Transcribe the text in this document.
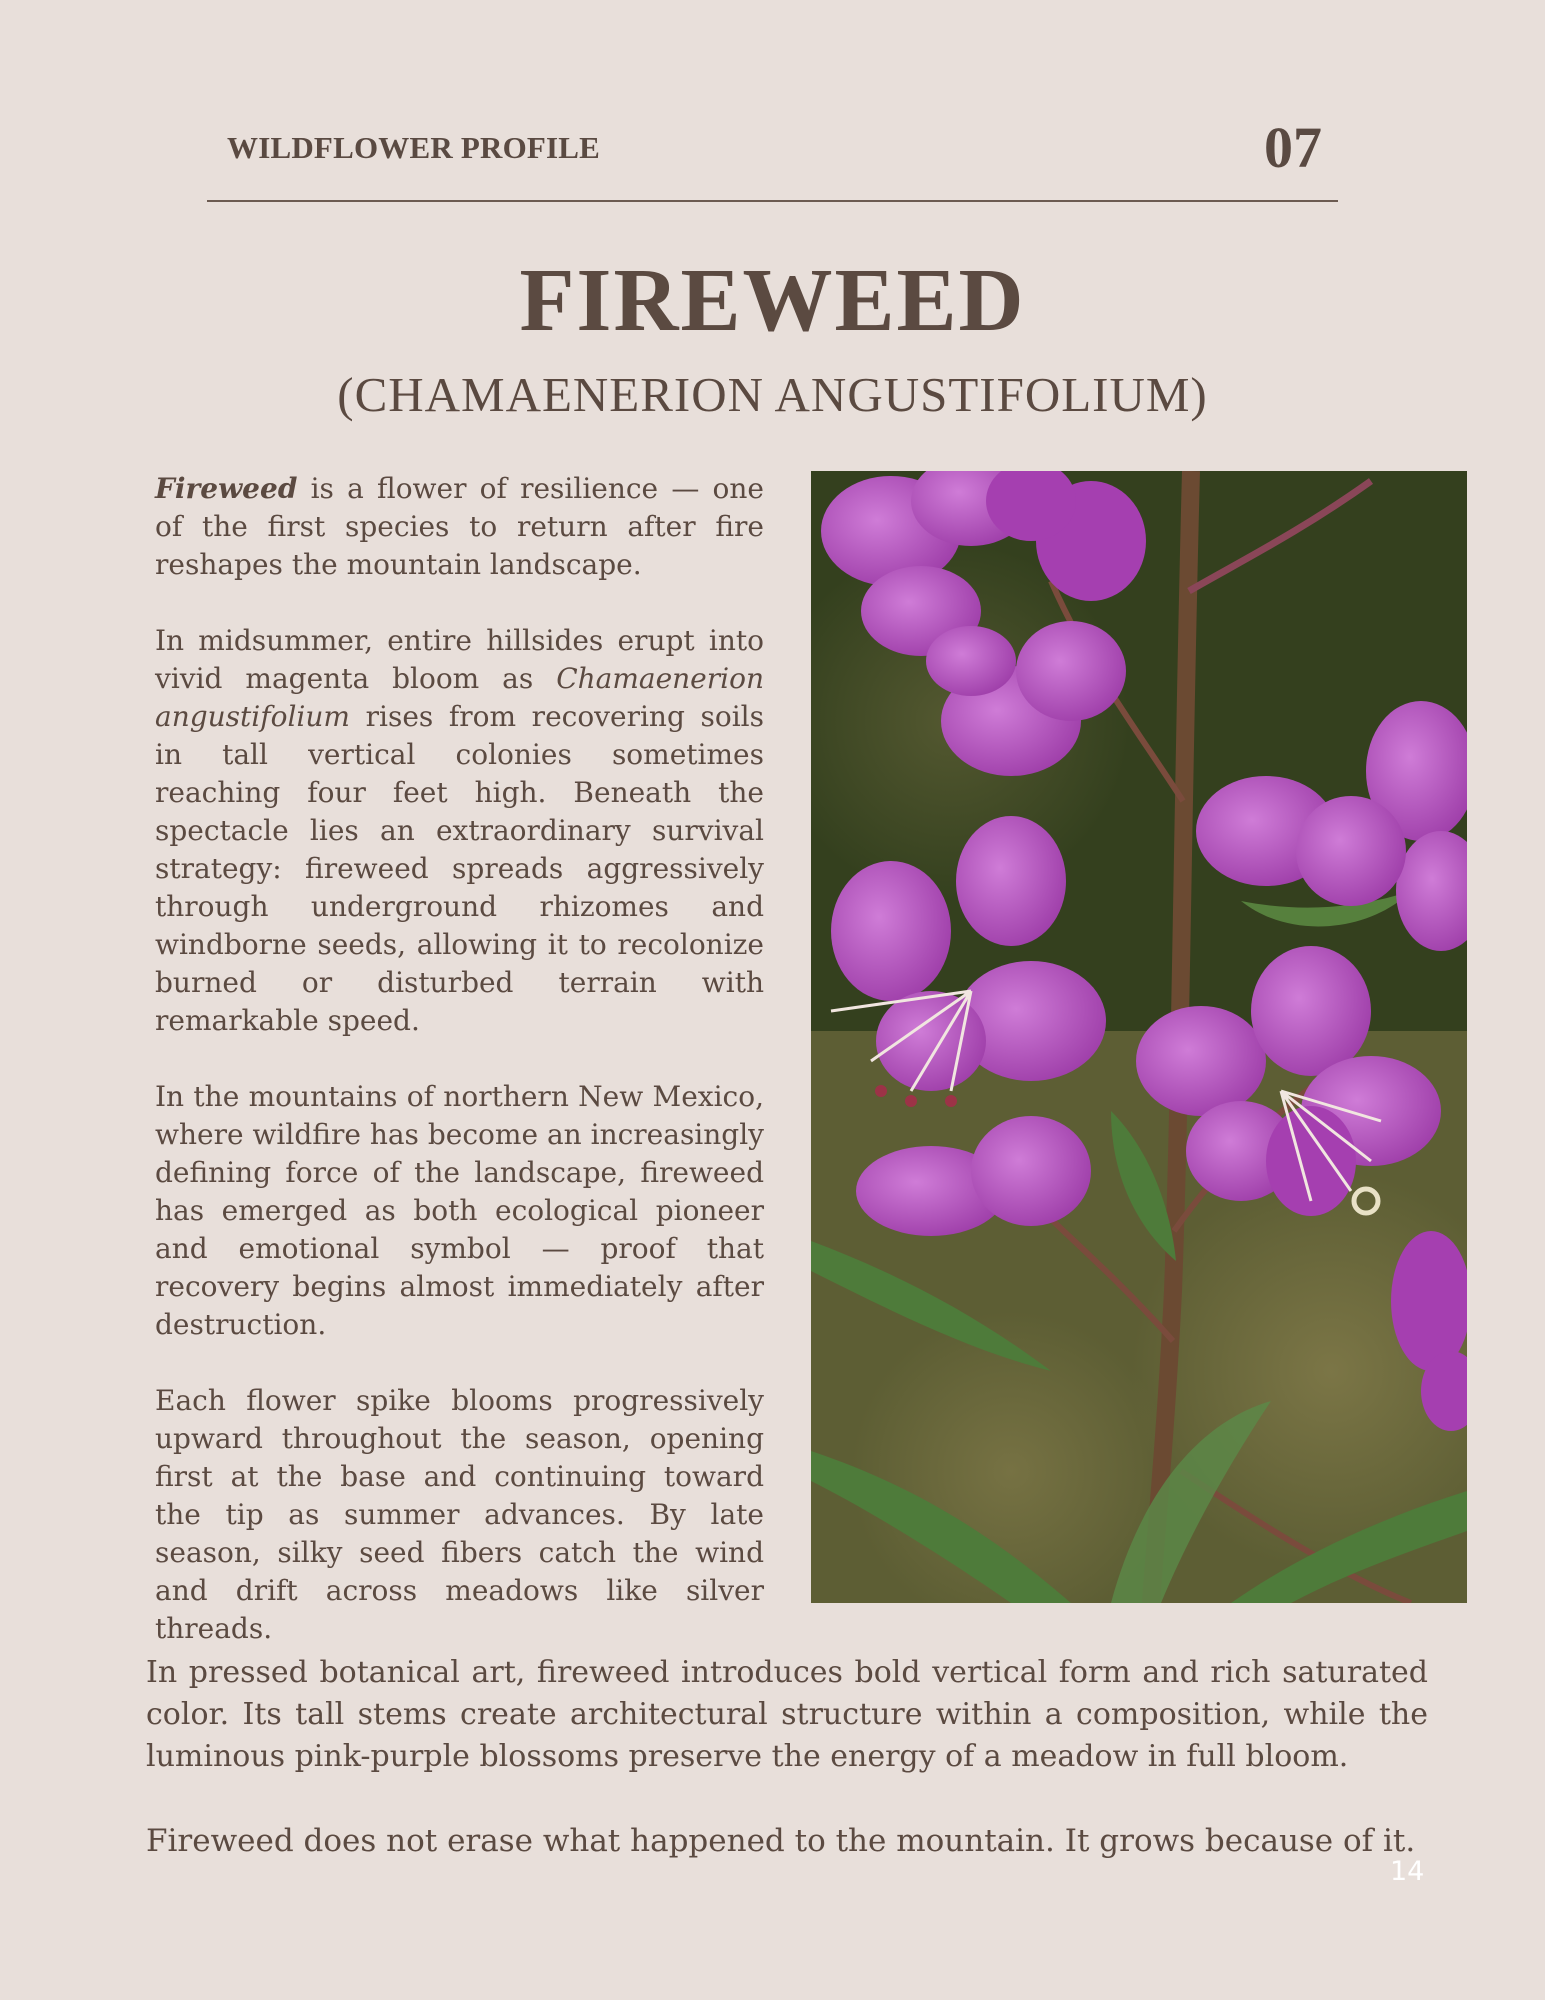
WILDFLOWER PROFILE	07
FIREWEED
(CHAMAENERION ANGUSTIFOLIUM)

Fireweed is a flower of resilience — one of the first species to return after fire reshapes the mountain landscape.

In midsummer, entire hillsides erupt into vivid magenta bloom as Chamaenerion angustifolium rises from recovering soils in tall vertical colonies sometimes reaching four feet high. Beneath the spectacle lies an extraordinary survival strategy: fireweed spreads aggressively through underground rhizomes and windborne seeds, allowing it to recolonize burned or disturbed terrain with remarkable speed.

In the mountains of northern New Mexico, where wildfire has become an increasingly defining force of the landscape, fireweed has emerged as both ecological pioneer and emotional symbol — proof that recovery begins almost immediately after destruction.

Each flower spike blooms progressively upward throughout the season, opening first at the base and continuing toward the tip as summer advances. By late season, silky seed fibers catch the wind and drift across meadows like silver threads.

In pressed botanical art, fireweed introduces bold vertical form and rich saturated color. Its tall stems create architectural structure within a composition, while the luminous pink-purple blossoms preserve the energy of a meadow in full bloom.

Fireweed does not erase what happened to the mountain. It grows because of it.

14
